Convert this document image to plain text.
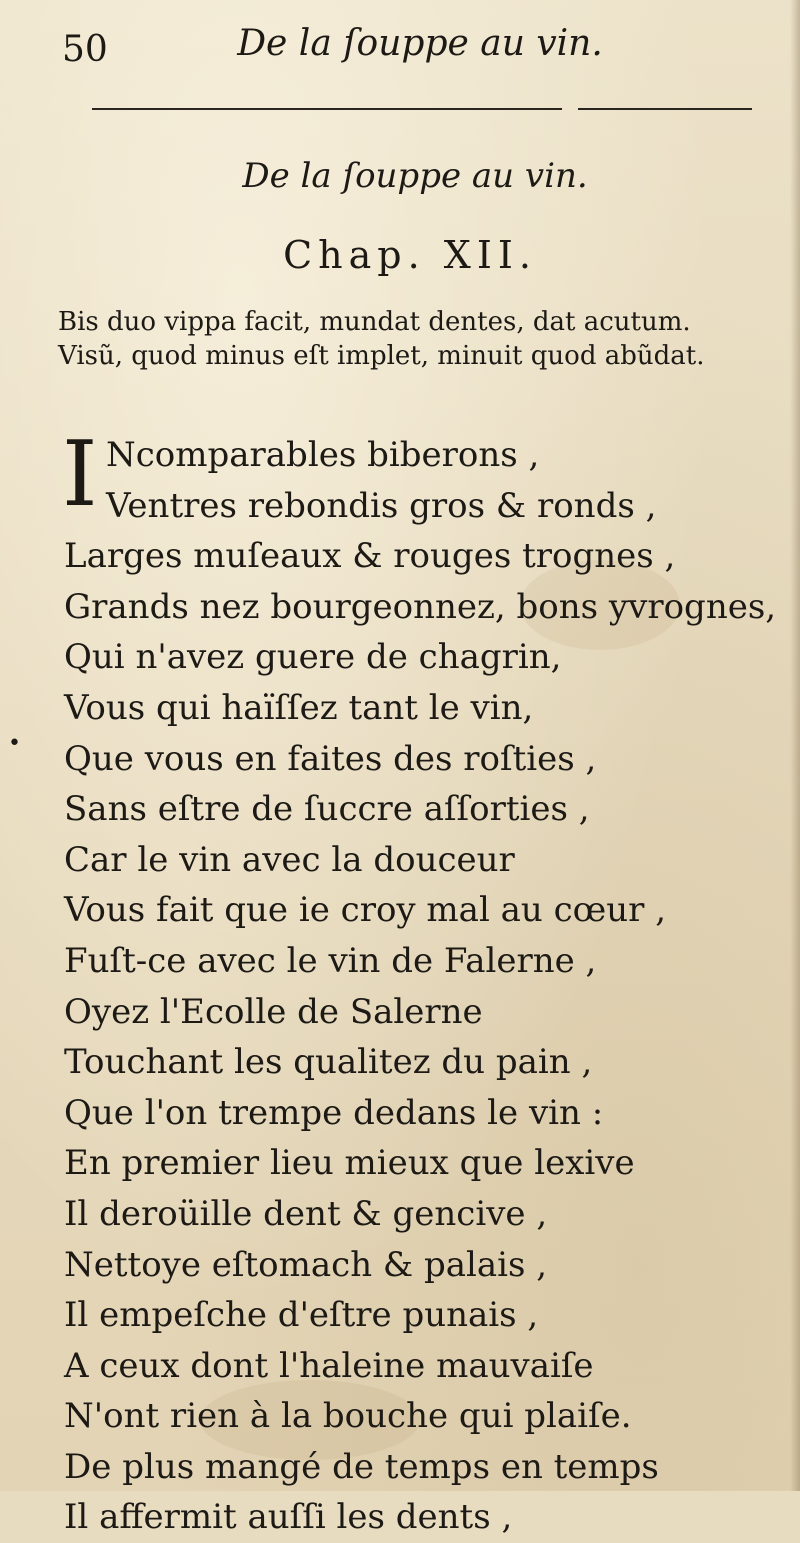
50	De la ſouppe au vin.
De la ſouppe au vin.
Chap. XII.
Bis duo vippa facit, mundat dentes, dat acutum.
Visũ, quod minus eſt implet, minuit quod abũdat.
I
•
Ncomparables biberons ,
Ventres rebondis gros & ronds ,
Larges muſeaux & rouges trognes ,
Grands nez bourgeonnez, bons yvrognes,
Qui n'avez guere de chagrin,
Vous qui haïſſez tant le vin,
Que vous en faites des roſties ,
Sans eſtre de ſuccre aſſorties ,
Car le vin avec la douceur
Vous fait que ie croy mal au cœur ,
Fuſt-ce avec le vin de Falerne ,
Oyez l'Ecolle de Salerne
Touchant les qualitez du pain ,
Que l'on trempe dedans le vin :
En premier lieu mieux que lexive
Il deroüille dent & gencive ,
Nettoye eſtomach & palais ,
Il empeſche d'eſtre punais ,
A ceux dont l'haleine mauvaiſe
N'ont rien à la bouche qui plaiſe.
De plus mangé de temps en temps
Il affermit auſſi les dents ,
